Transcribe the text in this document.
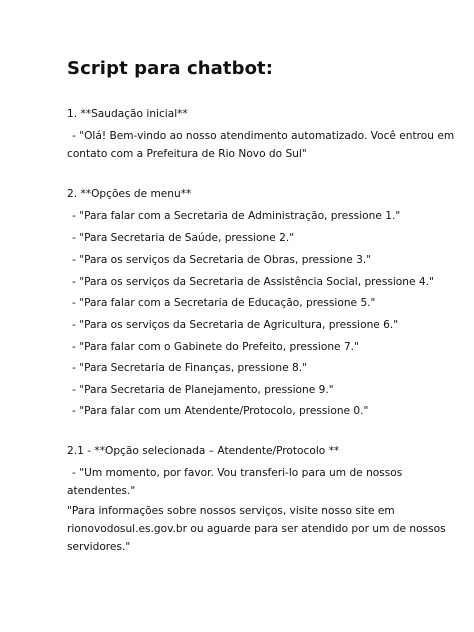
Script para chatbot:
1. **Saudação inicial**
- "Olá! Bem-vindo ao nosso atendimento automatizado. Você entrou em
contato com a Prefeitura de Rio Novo do Sul"
2. **Opções de menu**
- "Para falar com a Secretaria de Administração, pressione 1."
- "Para Secretaria de Saúde, pressione 2."
- "Para os serviços da Secretaria de Obras, pressione 3."
- "Para os serviços da Secretaria de Assistência Social, pressione 4."
- "Para falar com a Secretaria de Educação, pressione 5."
- "Para os serviços da Secretaria de Agricultura, pressione 6."
- "Para falar com o Gabinete do Prefeito, pressione 7."
- "Para Secretaria de Finanças, pressione 8."
- "Para Secretaria de Planejamento, pressione 9."
- "Para falar com um Atendente/Protocolo, pressione 0."
2.1 - **Opção selecionada – Atendente/Protocolo **
- "Um momento, por favor. Vou transferi-lo para um de nossos
atendentes."
"Para informações sobre nossos serviços, visite nosso site em
rionovodosul.es.gov.br ou aguarde para ser atendido por um de nossos
servidores."
